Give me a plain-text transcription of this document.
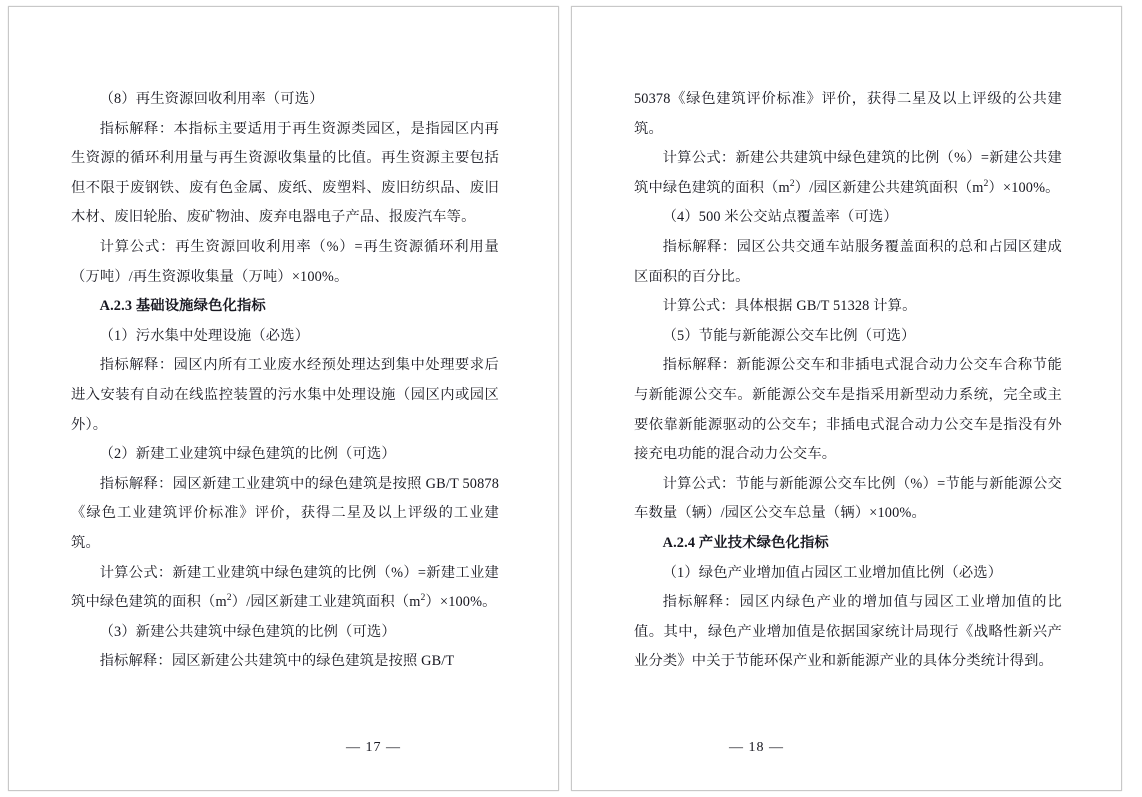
（8）再生资源回收利用率（可选）

指标解释：本指标主要适用于再生资源类园区，是指园区内再生资源的循环利用量与再生资源收集量的比值。再生资源主要包括但不限于废钢铁、废有色金属、废纸、废塑料、废旧纺织品、废旧木材、废旧轮胎、废矿物油、废弃电器电子产品、报废汽车等。

计算公式：再生资源回收利用率（%）=再生资源循环利用量（万吨）/再生资源收集量（万吨）×100%。

A.2.3 基础设施绿色化指标

（1）污水集中处理设施（必选）

指标解释：园区内所有工业废水经预处理达到集中处理要求后进入安装有自动在线监控装置的污水集中处理设施（园区内或园区外）。

（2）新建工业建筑中绿色建筑的比例（可选）

指标解释：园区新建工业建筑中的绿色建筑是按照 GB/T 50878《绿色工业建筑评价标准》评价，获得二星及以上评级的工业建筑。

计算公式：新建工业建筑中绿色建筑的比例（%）=新建工业建筑中绿色建筑的面积$(m^2)/$园区新建工业建筑面积$(m^2)\times 100\%$。

（3）新建公共建筑中绿色建筑的比例（可选）

指标解释：园区新建公共建筑中的绿色建筑是按照 GB/T

— 17 —

50378《绿色建筑评价标准》评价，获得二星及以上评级的公共建筑。

计算公式：新建公共建筑中绿色建筑的比例（%）=新建公共建筑中绿色建筑的面积$(m^2)/$园区新建公共建筑面积$(m^2)\times 100\%$。

（4）500 米公交站点覆盖率（可选）

指标解释：园区公共交通车站服务覆盖面积的总和占园区建成区面积的百分比。

计算公式：具体根据 GB/T 51328 计算。

（5）节能与新能源公交车比例（可选）

指标解释：新能源公交车和非插电式混合动力公交车合称节能与新能源公交车。新能源公交车是指采用新型动力系统，完全或主要依靠新能源驱动的公交车；非插电式混合动力公交车是指没有外接充电功能的混合动力公交车。

计算公式：节能与新能源公交车比例（%）=节能与新能源公交车数量（辆）/园区公交车总量（辆）×100%。

A.2.4 产业技术绿色化指标

（1）绿色产业增加值占园区工业增加值比例（必选）

指标解释：园区内绿色产业的增加值与园区工业增加值的比值。其中，绿色产业增加值是依据国家统计局现行《战略性新兴产业分类》中关于节能环保产业和新能源产业的具体分类统计得到。

— 18 —
